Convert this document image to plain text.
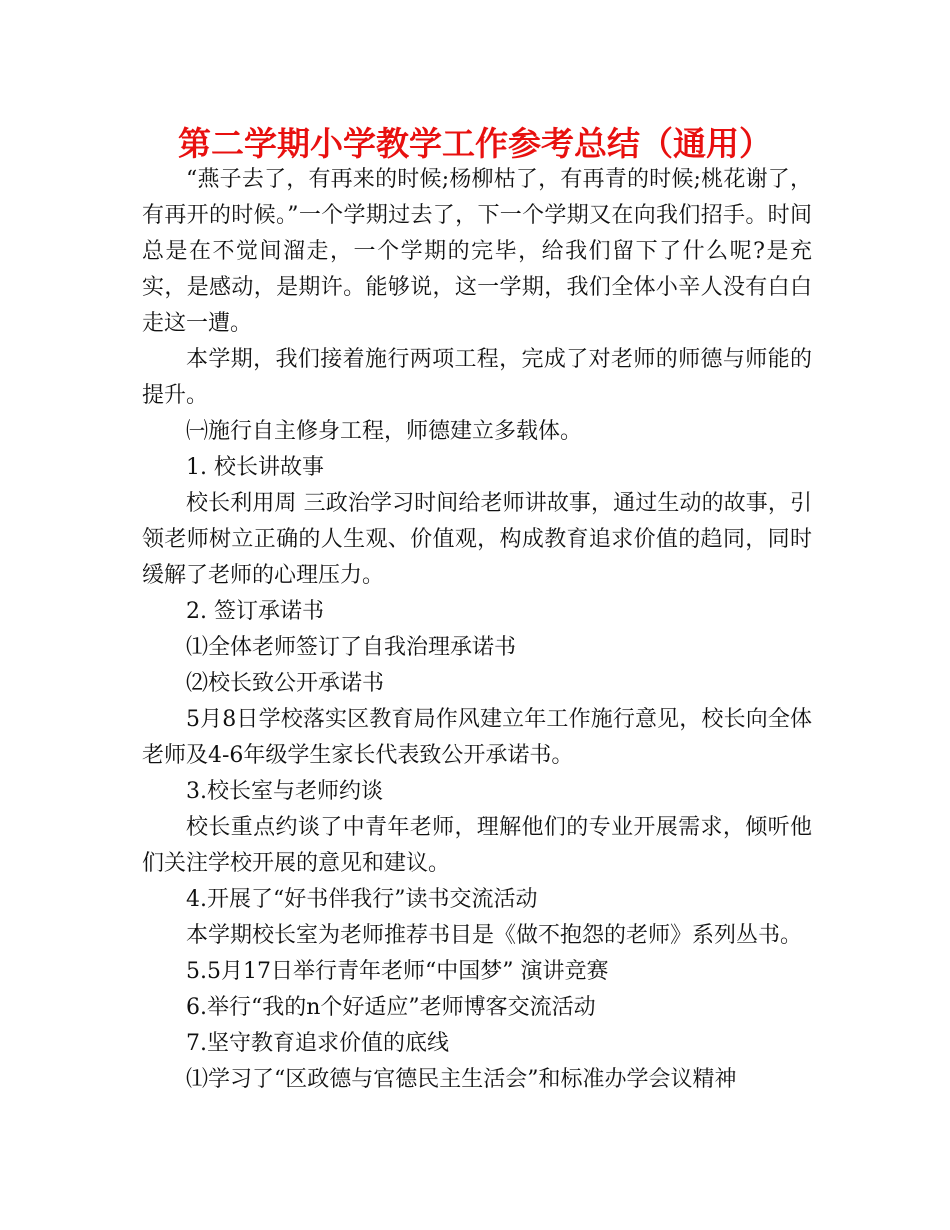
第二学期小学教学工作参考总结（通用）

“燕子去了，有再来的时候;杨柳枯了，有再青的时候;桃花谢了，有再开的时候。”一个学期过去了，下一个学期又在向我们招手。时间总是在不觉间溜走，一个学期的完毕，给我们留下了什么呢?是充实，是感动，是期许。能够说，这一学期，我们全体小辛人没有白白走这一遭。

本学期，我们接着施行两项工程，完成了对老师的师德与师能的提升。

㈠施行自主修身工程，师德建立多载体。

1. 校长讲故事

校长利用周 三政治学习时间给老师讲故事，通过生动的故事，引领老师树立正确的人生观、价值观，构成教育追求价值的趋同，同时缓解了老师的心理压力。

2. 签订承诺书

⑴全体老师签订了自我治理承诺书

⑵校长致公开承诺书

5月8日学校落实区教育局作风建立年工作施行意见，校长向全体老师及4-6年级学生家长代表致公开承诺书。

3.校长室与老师约谈

校长重点约谈了中青年老师，理解他们的专业开展需求，倾听他们关注学校开展的意见和建议。

4.开展了“好书伴我行”读书交流活动

本学期校长室为老师推荐书目是《做不抱怨的老师》系列丛书。

5.5月17日举行青年老师“中国梦” 演讲竞赛

6.举行“我的n个好适应”老师博客交流活动

7.坚守教育追求价值的底线

⑴学习了“区政德与官德民主生活会”和标准办学会议精神
